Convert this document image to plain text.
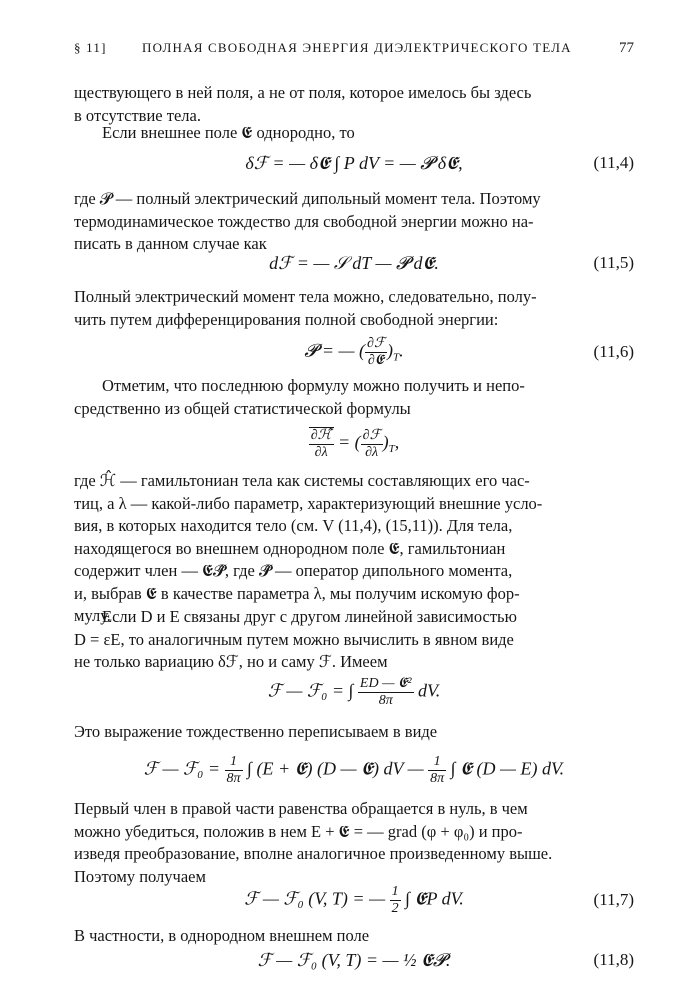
§ 11]	ПОЛНАЯ СВОБОДНАЯ ЭНЕРГИЯ ДИЭЛЕКТРИЧЕСКОГО ТЕЛА	77
ществующего в ней поля, а не от поля, которое имелось бы здесь
в отсутствие тела.
Если внешнее поле 𝕰 однородно, то
δℱ = — δ𝕰 ∫ P dV = — 𝓟 δ𝕰,	(11,4)
где 𝓟 — полный электрический дипольный момент тела. Поэтому
термодинамическое тождество для свободной энергии можно на-
писать в данном случае как
dℱ = — 𝒮 dT — 𝓟 d𝕰.	(11,5)
Полный электрический момент тела можно, следовательно, полу-
чить путем дифференцирования полной свободной энергии:
𝓟 = — ( $\frac{\text{∂ℱ}}{\text{∂𝕰}} )_T$.	(11,6)
Отметим, что последнюю формулу можно получить и непо-
средственно из общей статистической формулы
$\frac{\text{∂ℋ̂}}{\partial\lambda}$ = ( $\frac{\text{∂ℱ}}{\partial\lambda} )_T$,
где ℋ̂ — гамильтониан тела как системы составляющих его час-
тиц, а λ — какой-либо параметр, характеризующий внешние усло-
вия, в которых находится тело (см. V (11,4), (15,11)). Для тела,
находящегося во внешнем однородном поле 𝕰, гамильтониан
содержит член — 𝕰𝓟̂, где 𝓟̂ — оператор дипольного момента,
и, выбрав 𝕰 в качестве параметра λ, мы получим искомую фор-
мулу.
Если D и E связаны друг с другом линейной зависимостью
D = εE, то аналогичным путем можно вычислить в явном виде
не только вариацию δℱ, но и саму ℱ. Имеем
ℱ — ℱ₀ = ∫ $\frac{\text{ED — 𝕰²}}{8\pi}$ dV.
Это выражение тождественно переписываем в виде
ℱ — ℱ₀ = $\frac{1}{8\pi}$ ∫ (E + 𝕰) (D — 𝕰) dV — $\frac{1}{8\pi}$ ∫ 𝕰 (D — E) dV.
Первый член в правой части равенства обращается в нуль, в чем
можно убедиться, положив в нем E + 𝕰 = — grad (φ + φ₀) и про-
изведя преобразование, вполне аналогичное произведенному выше.
Поэтому получаем
ℱ — ℱ₀ (V, T) = — $\frac{1}{2}$ ∫ 𝕰P dV.	(11,7)
В частности, в однородном внешнем поле
ℱ — ℱ₀ (V, T) = — ½ 𝕰𝓟.	(11,8)
